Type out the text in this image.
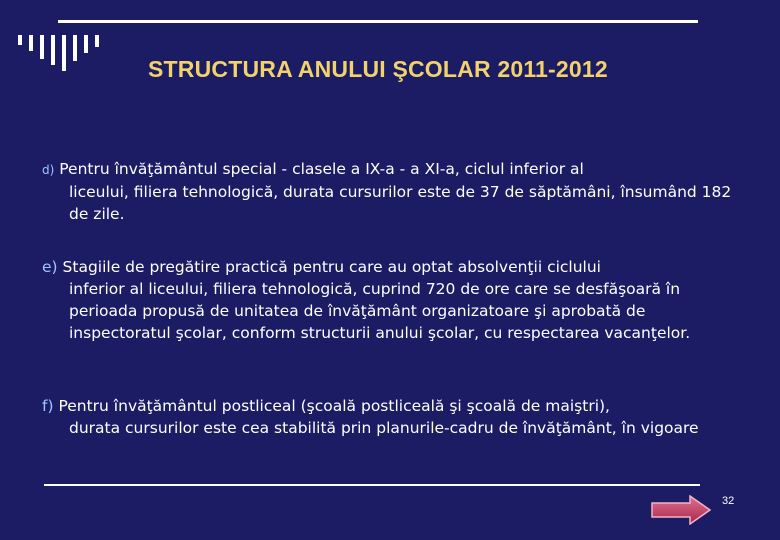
STRUCTURA ANULUI ŞCOLAR 2011-2012
d) Pentru învăţământul special - clasele a IX-a - a XI-a, ciclul inferior al
liceului, filiera tehnologică, durata cursurilor este de 37 de săptămâni, însumând 182 de zile.
e) Stagiile de pregătire practică pentru care au optat absolvenţii ciclului
inferior al liceului, filiera tehnologică, cuprind 720 de ore care se desfăşoară în perioada propusă de unitatea de învăţământ organizatoare şi aprobată de inspectoratul şcolar, conform structurii anului şcolar, cu respectarea vacanţelor.
f) Pentru învăţământul postliceal (şcoală postliceală şi şcoală de maiştri),
durata cursurilor este cea stabilită prin planurile-cadru de învăţământ, în vigoare
32
